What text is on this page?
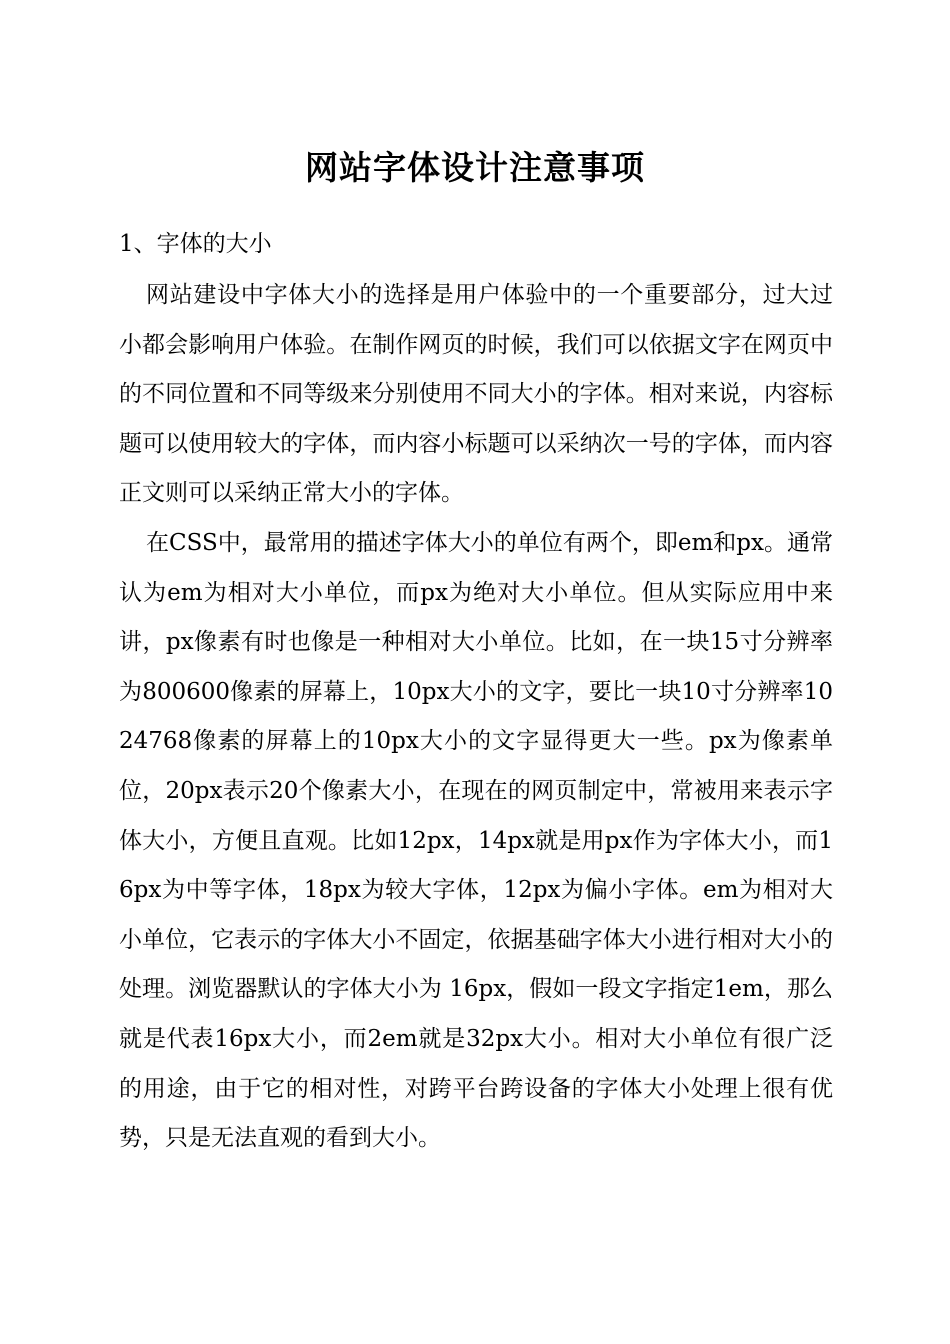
网站字体设计注意事项
1、字体的大小

网站建设中字体大小的选择是用户体验中的一个重要部分，过大过小都会影响用户体验。在制作网页的时候，我们可以依据文字在网页中的不同位置和不同等级来分别使用不同大小的字体。相对来说，内容标题可以使用较大的字体，而内容小标题可以采纳次一号的字体，而内容正文则可以采纳正常大小的字体。

在CSS中，最常用的描述字体大小的单位有两个，即em和px。通常认为em为相对大小单位，而px为绝对大小单位。但从实际应用中来讲，px像素有时也像是一种相对大小单位。比如，在一块15寸分辨率为800600像素的屏幕上，10px大小的文字，要比一块10寸分辨率1024768像素的屏幕上的10px大小的文字显得更大一些。px为像素单位，20px表示20个像素大小，在现在的网页制定中，常被用来表示字体大小，方便且直观。比如12px，14px就是用px作为字体大小，而16px为中等字体，18px为较大字体，12px为偏小字体。em为相对大小单位，它表示的字体大小不固定，依据基础字体大小进行相对大小的处理。浏览器默认的字体大小为 16px，假如一段文字指定1em，那么就是代表16px大小，而2em就是32px大小。相对大小单位有很广泛的用途，由于它的相对性，对跨平台跨设备的字体大小处理上很有优势，只是无法直观的看到大小。
